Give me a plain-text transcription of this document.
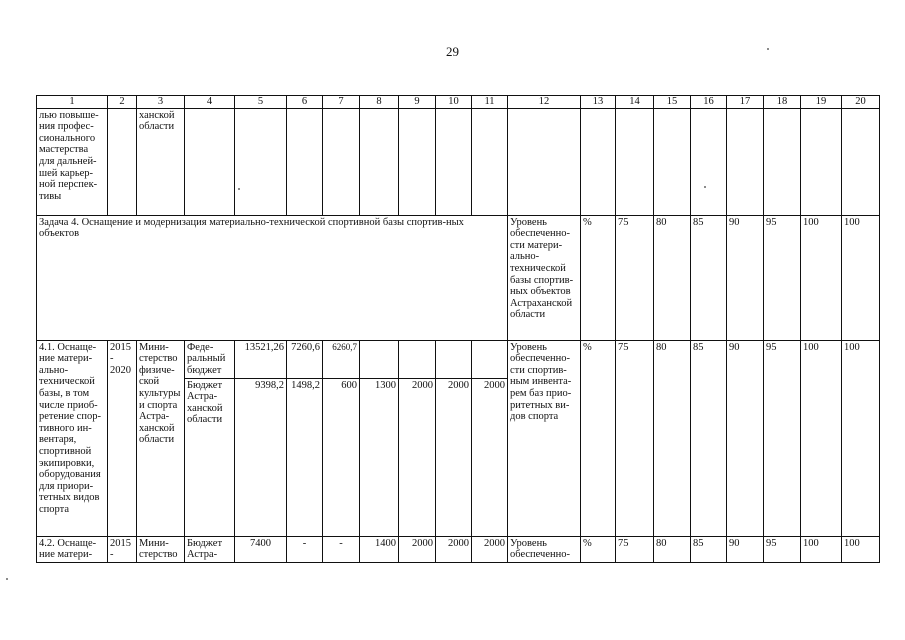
29
1	2	3	4	5	6	7	8	9	10	11	12	13	14	15	16	17	18	19	20
лью повыше-ния профес-сионального мастерства для дальней-шей карьер-ной перспек-тивы		ханской области																	
Задача 4. Оснащение и модернизация материально-технической спортивной базы спортив-ных объектов											Уровень обеспеченно-сти матери-ально-технической базы спортив-ных объектов Астраханской области	%	75	80	85	90	95	100	100
4.1. Оснаще-ние матери-ально-технической базы, в том числе приоб-ретение спор-тивного ин-вентаря, спортивной экипировки, оборудования для приори-тетных видов спорта	2015 - 2020	Мини-стерство физиче-ской культуры и спорта Астра-ханской области	Феде-ральный бюджет	13521,26	7260,6	6260,7					Уровень обеспеченно-сти спортив-ным инвента-рем баз прио-ритетных ви-дов спорта	%	75	80	85	90	95	100	100
			Бюджет Астра-ханской области	9398,2	1498,2	600	1300	2000	2000	2000									
4.2. Оснаще-ние матери-	2015 -	Мини-стерство	Бюджет Астра-	7400	-	-	1400	2000	2000	2000	Уровень обеспеченно-	%	75	80	85	90	95	100	100
